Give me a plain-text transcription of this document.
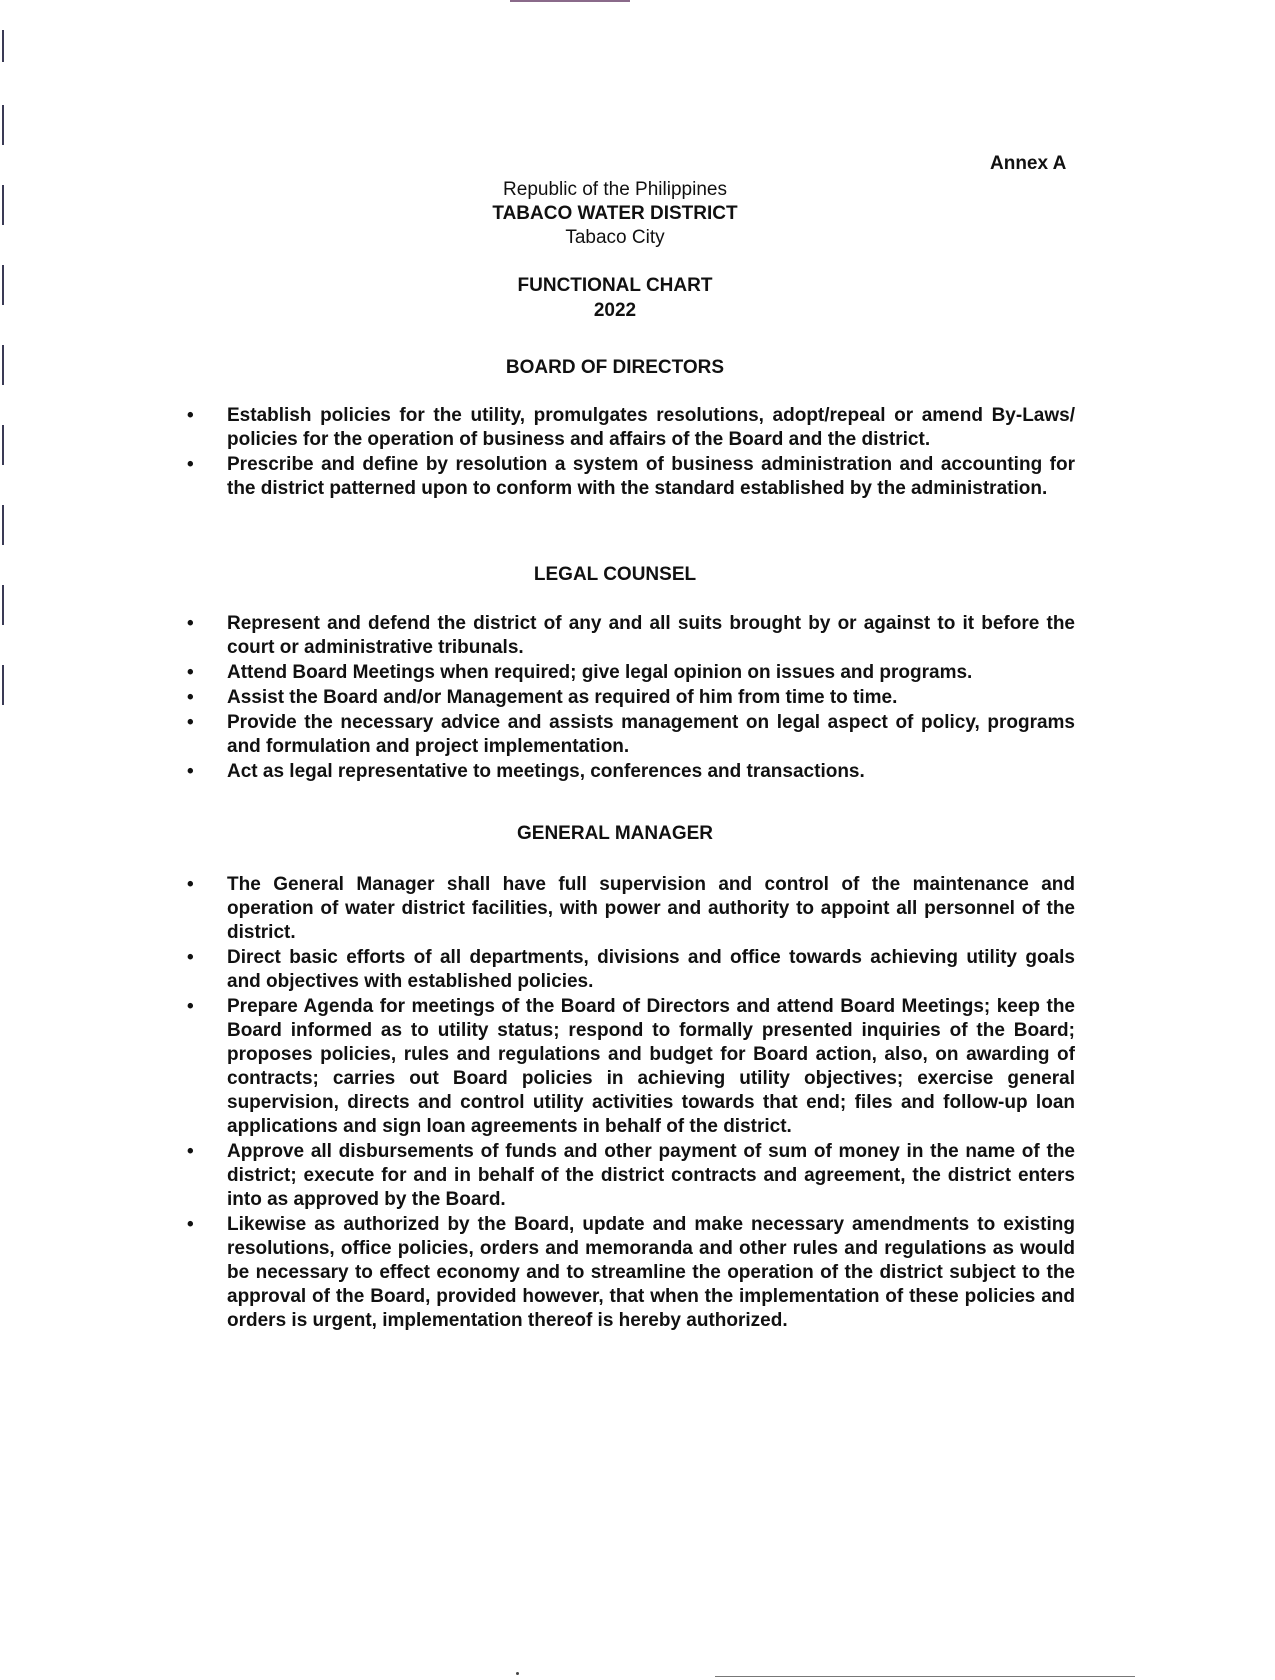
Annex A
Republic of the Philippines
TABACO WATER DISTRICT
Tabaco City
FUNCTIONAL CHART
2022
BOARD OF DIRECTORS
• Establish policies for the utility, promulgates resolutions, adopt/repeal or amend By-Laws/ policies for the operation of business and affairs of the Board and the district.
• Prescribe and define by resolution a system of business administration and accounting for the district patterned upon to conform with the standard established by the administration.
LEGAL COUNSEL
• Represent and defend the district of any and all suits brought by or against to it before the court or administrative tribunals.
• Attend Board Meetings when required; give legal opinion on issues and programs.
• Assist the Board and/or Management as required of him from time to time.
• Provide the necessary advice and assists management on legal aspect of policy, programs and formulation and project implementation.
• Act as legal representative to meetings, conferences and transactions.
GENERAL MANAGER
• The General Manager shall have full supervision and control of the maintenance and operation of water district facilities, with power and authority to appoint all personnel of the district.
• Direct basic efforts of all departments, divisions and office towards achieving utility goals and objectives with established policies.
• Prepare Agenda for meetings of the Board of Directors and attend Board Meetings; keep the Board informed as to utility status; respond to formally presented inquiries of the Board; proposes policies, rules and regulations and budget for Board action, also, on awarding of contracts; carries out Board policies in achieving utility objectives; exercise general supervision, directs and control utility activities towards that end; files and follow-up loan applications and sign loan agreements in behalf of the district.
• Approve all disbursements of funds and other payment of sum of money in the name of the district; execute for and in behalf of the district contracts and agreement, the district enters into as approved by the Board.
• Likewise as authorized by the Board, update and make necessary amendments to existing resolutions, office policies, orders and memoranda and other rules and regulations as would be necessary to effect economy and to streamline the operation of the district subject to the approval of the Board, provided however, that when the implementation of these policies and orders is urgent, implementation thereof is hereby authorized.
